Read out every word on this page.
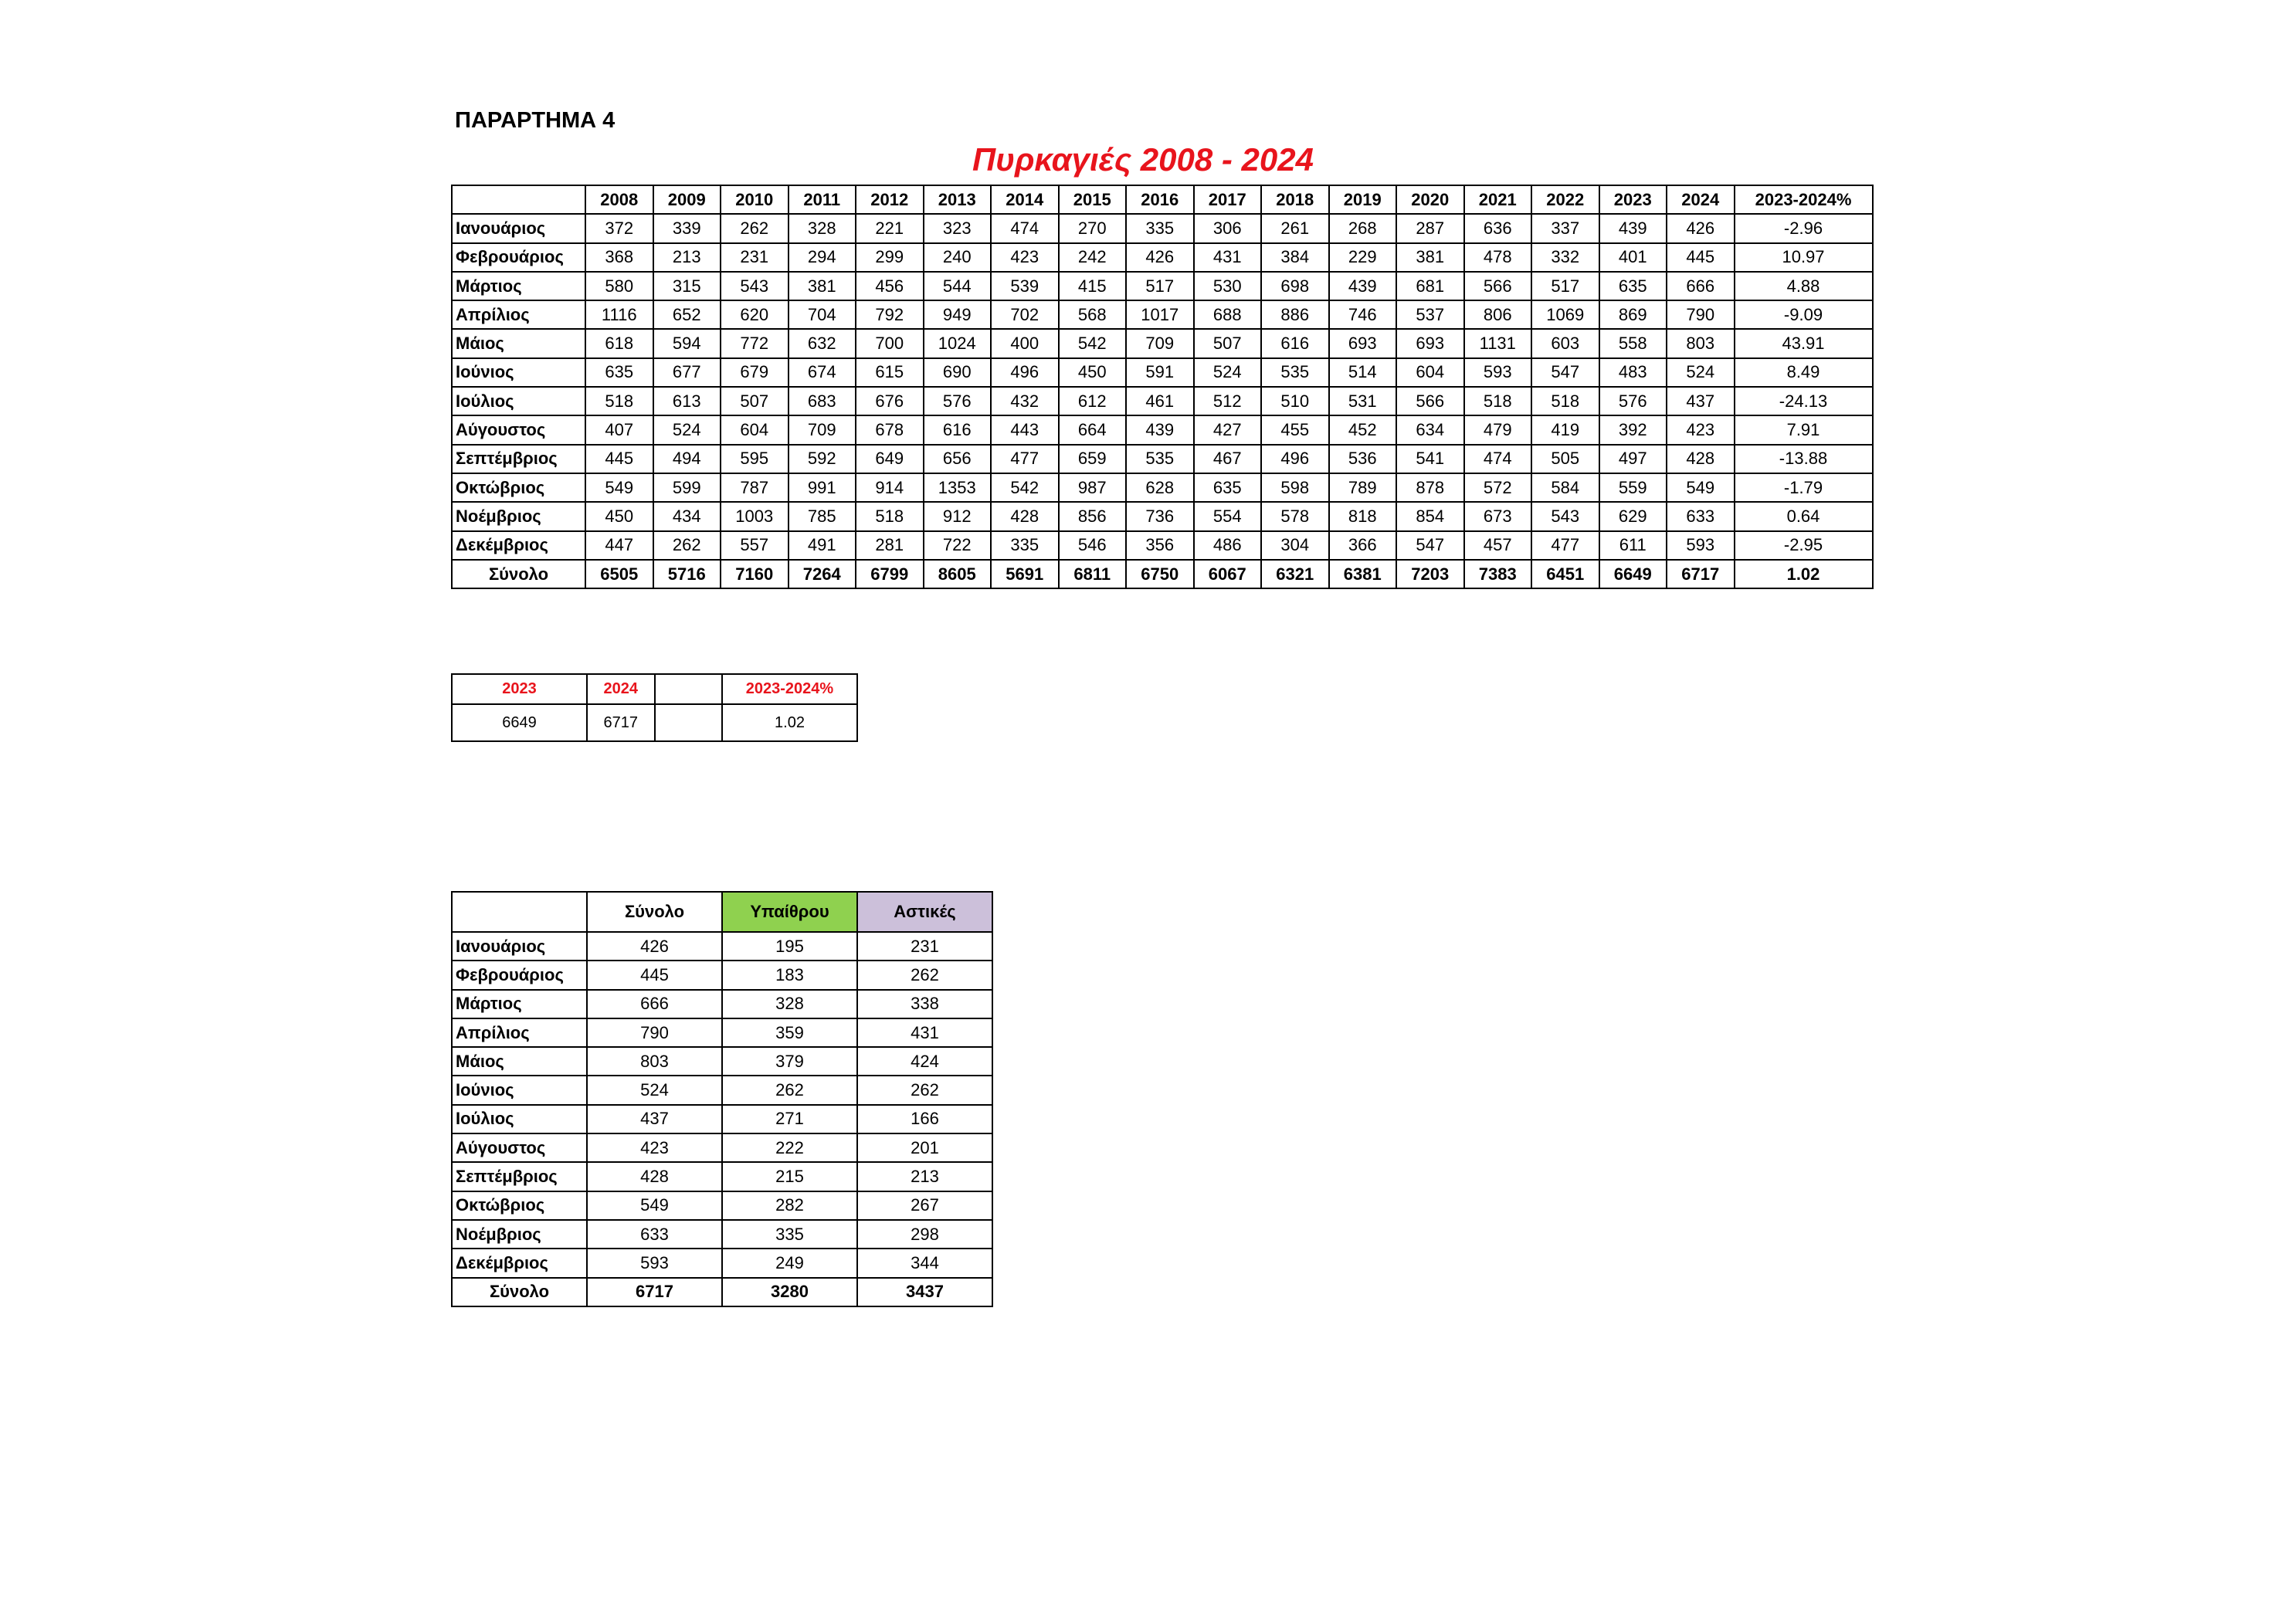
ΠΑΡΑΡΤΗΜΑ 4
Πυρκαγιές 2008 - 2024
	2008	2009	2010	2011	2012	2013	2014	2015	2016	2017	2018	2019	2020	2021	2022	2023	2024	2023-2024%
Ιανουάριος	372	339	262	328	221	323	474	270	335	306	261	268	287	636	337	439	426	-2.96
Φεβρουάριος	368	213	231	294	299	240	423	242	426	431	384	229	381	478	332	401	445	10.97
Μάρτιος	580	315	543	381	456	544	539	415	517	530	698	439	681	566	517	635	666	4.88
Απρίλιος	1116	652	620	704	792	949	702	568	1017	688	886	746	537	806	1069	869	790	-9.09
Μάιος	618	594	772	632	700	1024	400	542	709	507	616	693	693	1131	603	558	803	43.91
Ιούνιος	635	677	679	674	615	690	496	450	591	524	535	514	604	593	547	483	524	8.49
Ιούλιος	518	613	507	683	676	576	432	612	461	512	510	531	566	518	518	576	437	-24.13
Αύγουστος	407	524	604	709	678	616	443	664	439	427	455	452	634	479	419	392	423	7.91
Σεπτέμβριος	445	494	595	592	649	656	477	659	535	467	496	536	541	474	505	497	428	-13.88
Οκτώβριος	549	599	787	991	914	1353	542	987	628	635	598	789	878	572	584	559	549	-1.79
Νοέμβριος	450	434	1003	785	518	912	428	856	736	554	578	818	854	673	543	629	633	0.64
Δεκέμβριος	447	262	557	491	281	722	335	546	356	486	304	366	547	457	477	611	593	-2.95
Σύνολο	6505	5716	7160	7264	6799	8605	5691	6811	6750	6067	6321	6381	7203	7383	6451	6649	6717	1.02
2023	2024		2023-2024%
6649	6717		1.02
	Σύνολο	Υπαίθρου	Αστικές
Ιανουάριος	426	195	231
Φεβρουάριος	445	183	262
Μάρτιος	666	328	338
Απρίλιος	790	359	431
Μάιος	803	379	424
Ιούνιος	524	262	262
Ιούλιος	437	271	166
Αύγουστος	423	222	201
Σεπτέμβριος	428	215	213
Οκτώβριος	549	282	267
Νοέμβριος	633	335	298
Δεκέμβριος	593	249	344
Σύνολο	6717	3280	3437
